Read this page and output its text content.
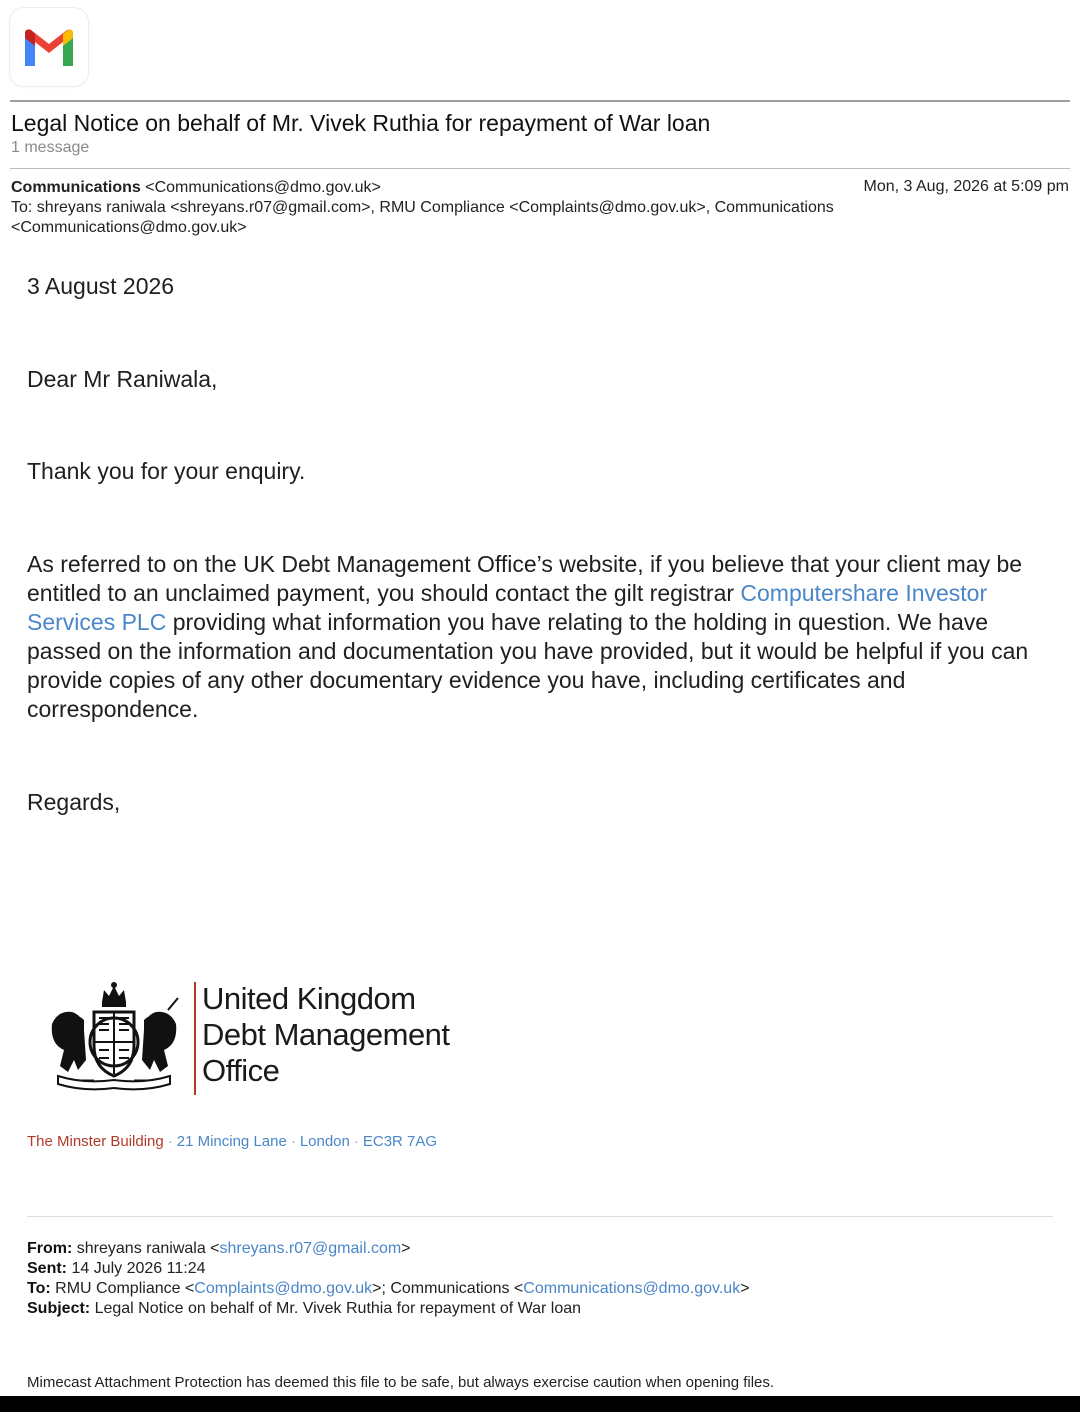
Legal Notice on behalf of Mr. Vivek Ruthia for repayment of War loan
1 message
Communications <Communications@dmo.gov.uk>	Mon, 3 Aug, 2026 at 5:09 pm
To: shreyans raniwala <shreyans.r07@gmail.com>, RMU Compliance <Complaints@dmo.gov.uk>, Communications
<Communications@dmo.gov.uk>
3 August 2026
Dear Mr Raniwala,
Thank you for your enquiry.
As referred to on the UK Debt Management Office’s website, if you believe that your client may be entitled to an unclaimed payment, you should contact the gilt registrar Computershare Investor Services PLC providing what information you have relating to the holding in question. We have passed on the information and documentation you have provided, but it would be helpful if you can provide copies of any other documentary evidence you have, including certificates and correspondence.
Regards,
United Kingdom
Debt Management
Office
The Minster Building · 21 Mincing Lane · London · EC3R 7AG
From: shreyans raniwala <shreyans.r07@gmail.com>
Sent: 14 July 2026 11:24
To: RMU Compliance <Complaints@dmo.gov.uk>; Communications <Communications@dmo.gov.uk>
Subject: Legal Notice on behalf of Mr. Vivek Ruthia for repayment of War loan
Mimecast Attachment Protection has deemed this file to be safe, but always exercise caution when opening files.
